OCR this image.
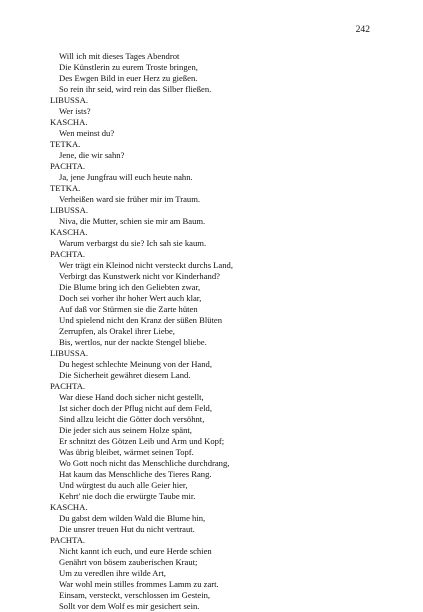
242
Will ich mit dieses Tages Abendrot
Die Künstlerin zu eurem Troste bringen,
Des Ewgen Bild in euer Herz zu gießen.
So rein ihr seid, wird rein das Silber fließen.
LIBUSSA.
Wer ists?
KASCHA.
Wen meinst du?
TETKA.
Jene, die wir sahn?
PACHTA.
Ja, jene Jungfrau will euch heute nahn.
TETKA.
Verheißen ward sie früher mir im Traum.
LIBUSSA.
Niva, die Mutter, schien sie mir am Baum.
KASCHA.
Warum verbargst du sie? Ich sah sie kaum.
PACHTA.
Wer trägt ein Kleinod nicht versteckt durchs Land,
Verbirgt das Kunstwerk nicht vor Kinderhand?
Die Blume bring ich den Geliebten zwar,
Doch sei vorher ihr hoher Wert auch klar,
Auf daß vor Stürmen sie die Zarte hüten
Und spielend nicht den Kranz der süßen Blüten
Zerrupfen, als Orakel ihrer Liebe,
Bis, wertlos, nur der nackte Stengel bliebe.
LIBUSSA.
Du hegest schlechte Meinung von der Hand,
Die Sicherheit gewähret diesem Land.
PACHTA.
War diese Hand doch sicher nicht gestellt,
Ist sicher doch der Pflug nicht auf dem Feld,
Sind allzu leicht die Götter doch versöhnt,
Die jeder sich aus seinem Holze spänt,
Er schnitzt des Götzen Leib und Arm und Kopf;
Was übrig bleibet, wärmet seinen Topf.
Wo Gott noch nicht das Menschliche durchdrang,
Hat kaum das Menschliche des Tieres Rang.
Und würgtest du auch alle Geier hier,
Kehrt' nie doch die erwürgte Taube mir.
KASCHA.
Du gabst dem wilden Wald die Blume hin,
Die unsrer treuen Hut du nicht vertraut.
PACHTA.
Nicht kannt ich euch, und eure Herde schien
Genährt von bösem zauberischen Kraut;
Um zu veredlen ihre wilde Art,
War wohl mein stilles frommes Lamm zu zart.
Einsam, versteckt, verschlossen im Gestein,
Sollt vor dem Wolf es mir gesichert sein.
